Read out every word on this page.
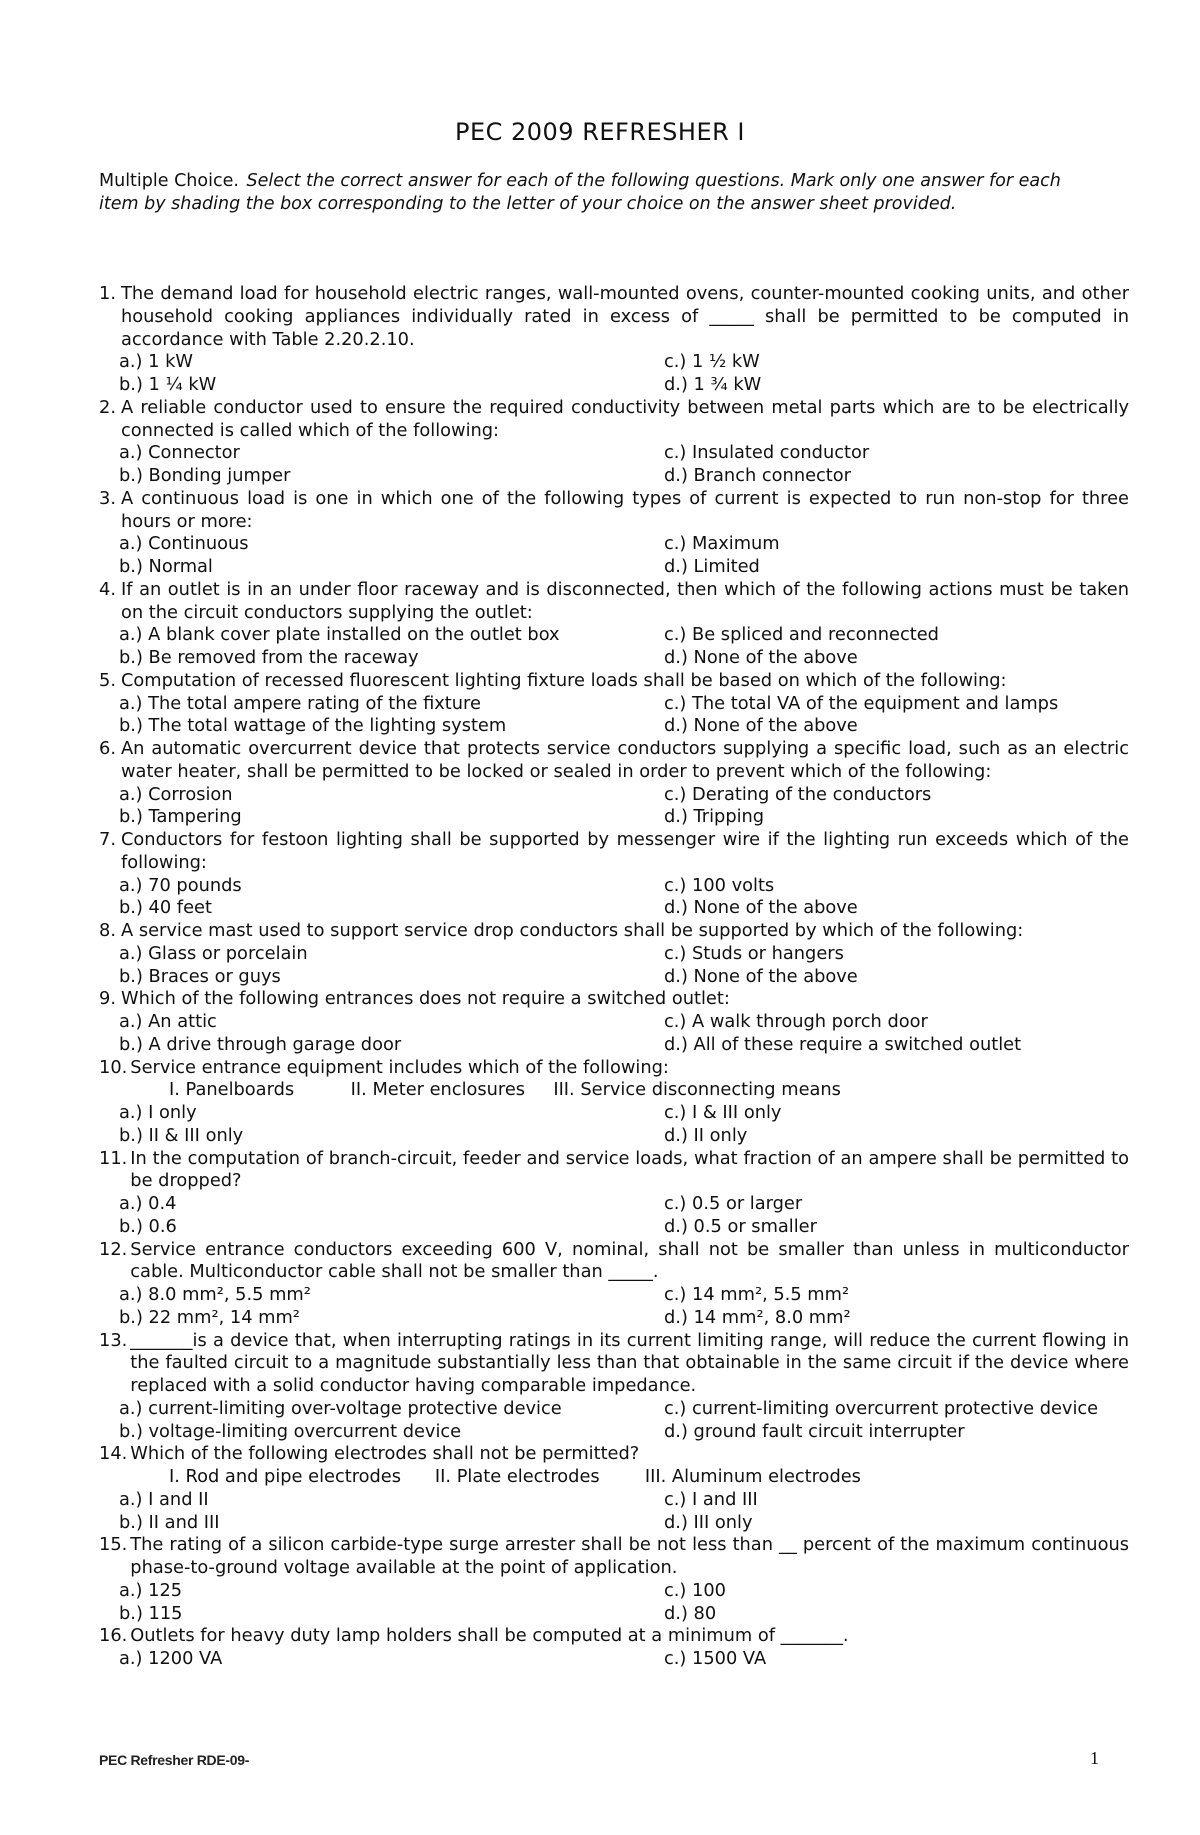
PEC 2009 REFRESHER I
Multiple Choice. Select the correct answer for each of the following questions. Mark only one answer for each item by shading the box corresponding to the letter of your choice on the answer sheet provided.
1. The demand load for household electric ranges, wall-mounted ovens, counter-mounted cooking units, and other household cooking appliances individually rated in excess of _____ shall be permitted to be computed in accordance with Table 2.20.2.10.
a.) 1 kW	c.) 1 ½ kW
b.) 1 ¼ kW	d.) 1 ¾ kW
2. A reliable conductor used to ensure the required conductivity between metal parts which are to be electrically connected is called which of the following:
a.) Connector	c.) Insulated conductor
b.) Bonding jumper	d.) Branch connector
3. A continuous load is one in which one of the following types of current is expected to run non-stop for three hours or more:
a.) Continuous	c.) Maximum
b.) Normal	d.) Limited
4. If an outlet is in an under floor raceway and is disconnected, then which of the following actions must be taken on the circuit conductors supplying the outlet:
a.) A blank cover plate installed on the outlet box	c.) Be spliced and reconnected
b.) Be removed from the raceway	d.) None of the above
5. Computation of recessed fluorescent lighting fixture loads shall be based on which of the following:
a.) The total ampere rating of the fixture	c.) The total VA of the equipment and lamps
b.) The total wattage of the lighting system	d.) None of the above
6. An automatic overcurrent device that protects service conductors supplying a specific load, such as an electric water heater, shall be permitted to be locked or sealed in order to prevent which of the following:
a.) Corrosion	c.) Derating of the conductors
b.) Tampering	d.) Tripping
7. Conductors for festoon lighting shall be supported by messenger wire if the lighting run exceeds which of the following:
a.) 70 pounds	c.) 100 volts
b.) 40 feet	d.) None of the above
8. A service mast used to support service drop conductors shall be supported by which of the following:
a.) Glass or porcelain	c.) Studs or hangers
b.) Braces or guys	d.) None of the above
9. Which of the following entrances does not require a switched outlet:
a.) An attic	c.) A walk through porch door
b.) A drive through garage door	d.) All of these require a switched outlet
10. Service entrance equipment includes which of the following:
I. Panelboards          II. Meter enclosures     III. Service disconnecting means
a.) I only	c.) I & III only
b.) II & III only	d.) II only
11. In the computation of branch-circuit, feeder and service loads, what fraction of an ampere shall be permitted to be dropped?
a.) 0.4	c.) 0.5 or larger
b.) 0.6	d.) 0.5 or smaller
12. Service entrance conductors exceeding 600 V, nominal, shall not be smaller than unless in multiconductor cable. Multiconductor cable shall not be smaller than _____.
a.) 8.0 mm², 5.5 mm²	c.) 14 mm², 5.5 mm²
b.) 22 mm², 14 mm²	d.) 14 mm², 8.0 mm²
13. _______is a device that, when interrupting ratings in its current limiting range, will reduce the current flowing in the faulted circuit to a magnitude substantially less than that obtainable in the same circuit if the device where replaced with a solid conductor having comparable impedance.
a.) current-limiting over-voltage protective device	c.) current-limiting overcurrent protective device
b.) voltage-limiting overcurrent device	d.) ground fault circuit interrupter
14. Which of the following electrodes shall not be permitted?
I. Rod and pipe electrodes      II. Plate electrodes        III. Aluminum electrodes
a.) I and II	c.) I and III
b.) II and III	d.) III only
15. The rating of a silicon carbide-type surge arrester shall be not less than __ percent of the maximum continuous phase-to-ground voltage available at the point of application.
a.) 125	c.) 100
b.) 115	d.) 80
16. Outlets for heavy duty lamp holders shall be computed at a minimum of _______.
a.) 1200 VA	c.) 1500 VA
PEC Refresher RDE-09-	1
